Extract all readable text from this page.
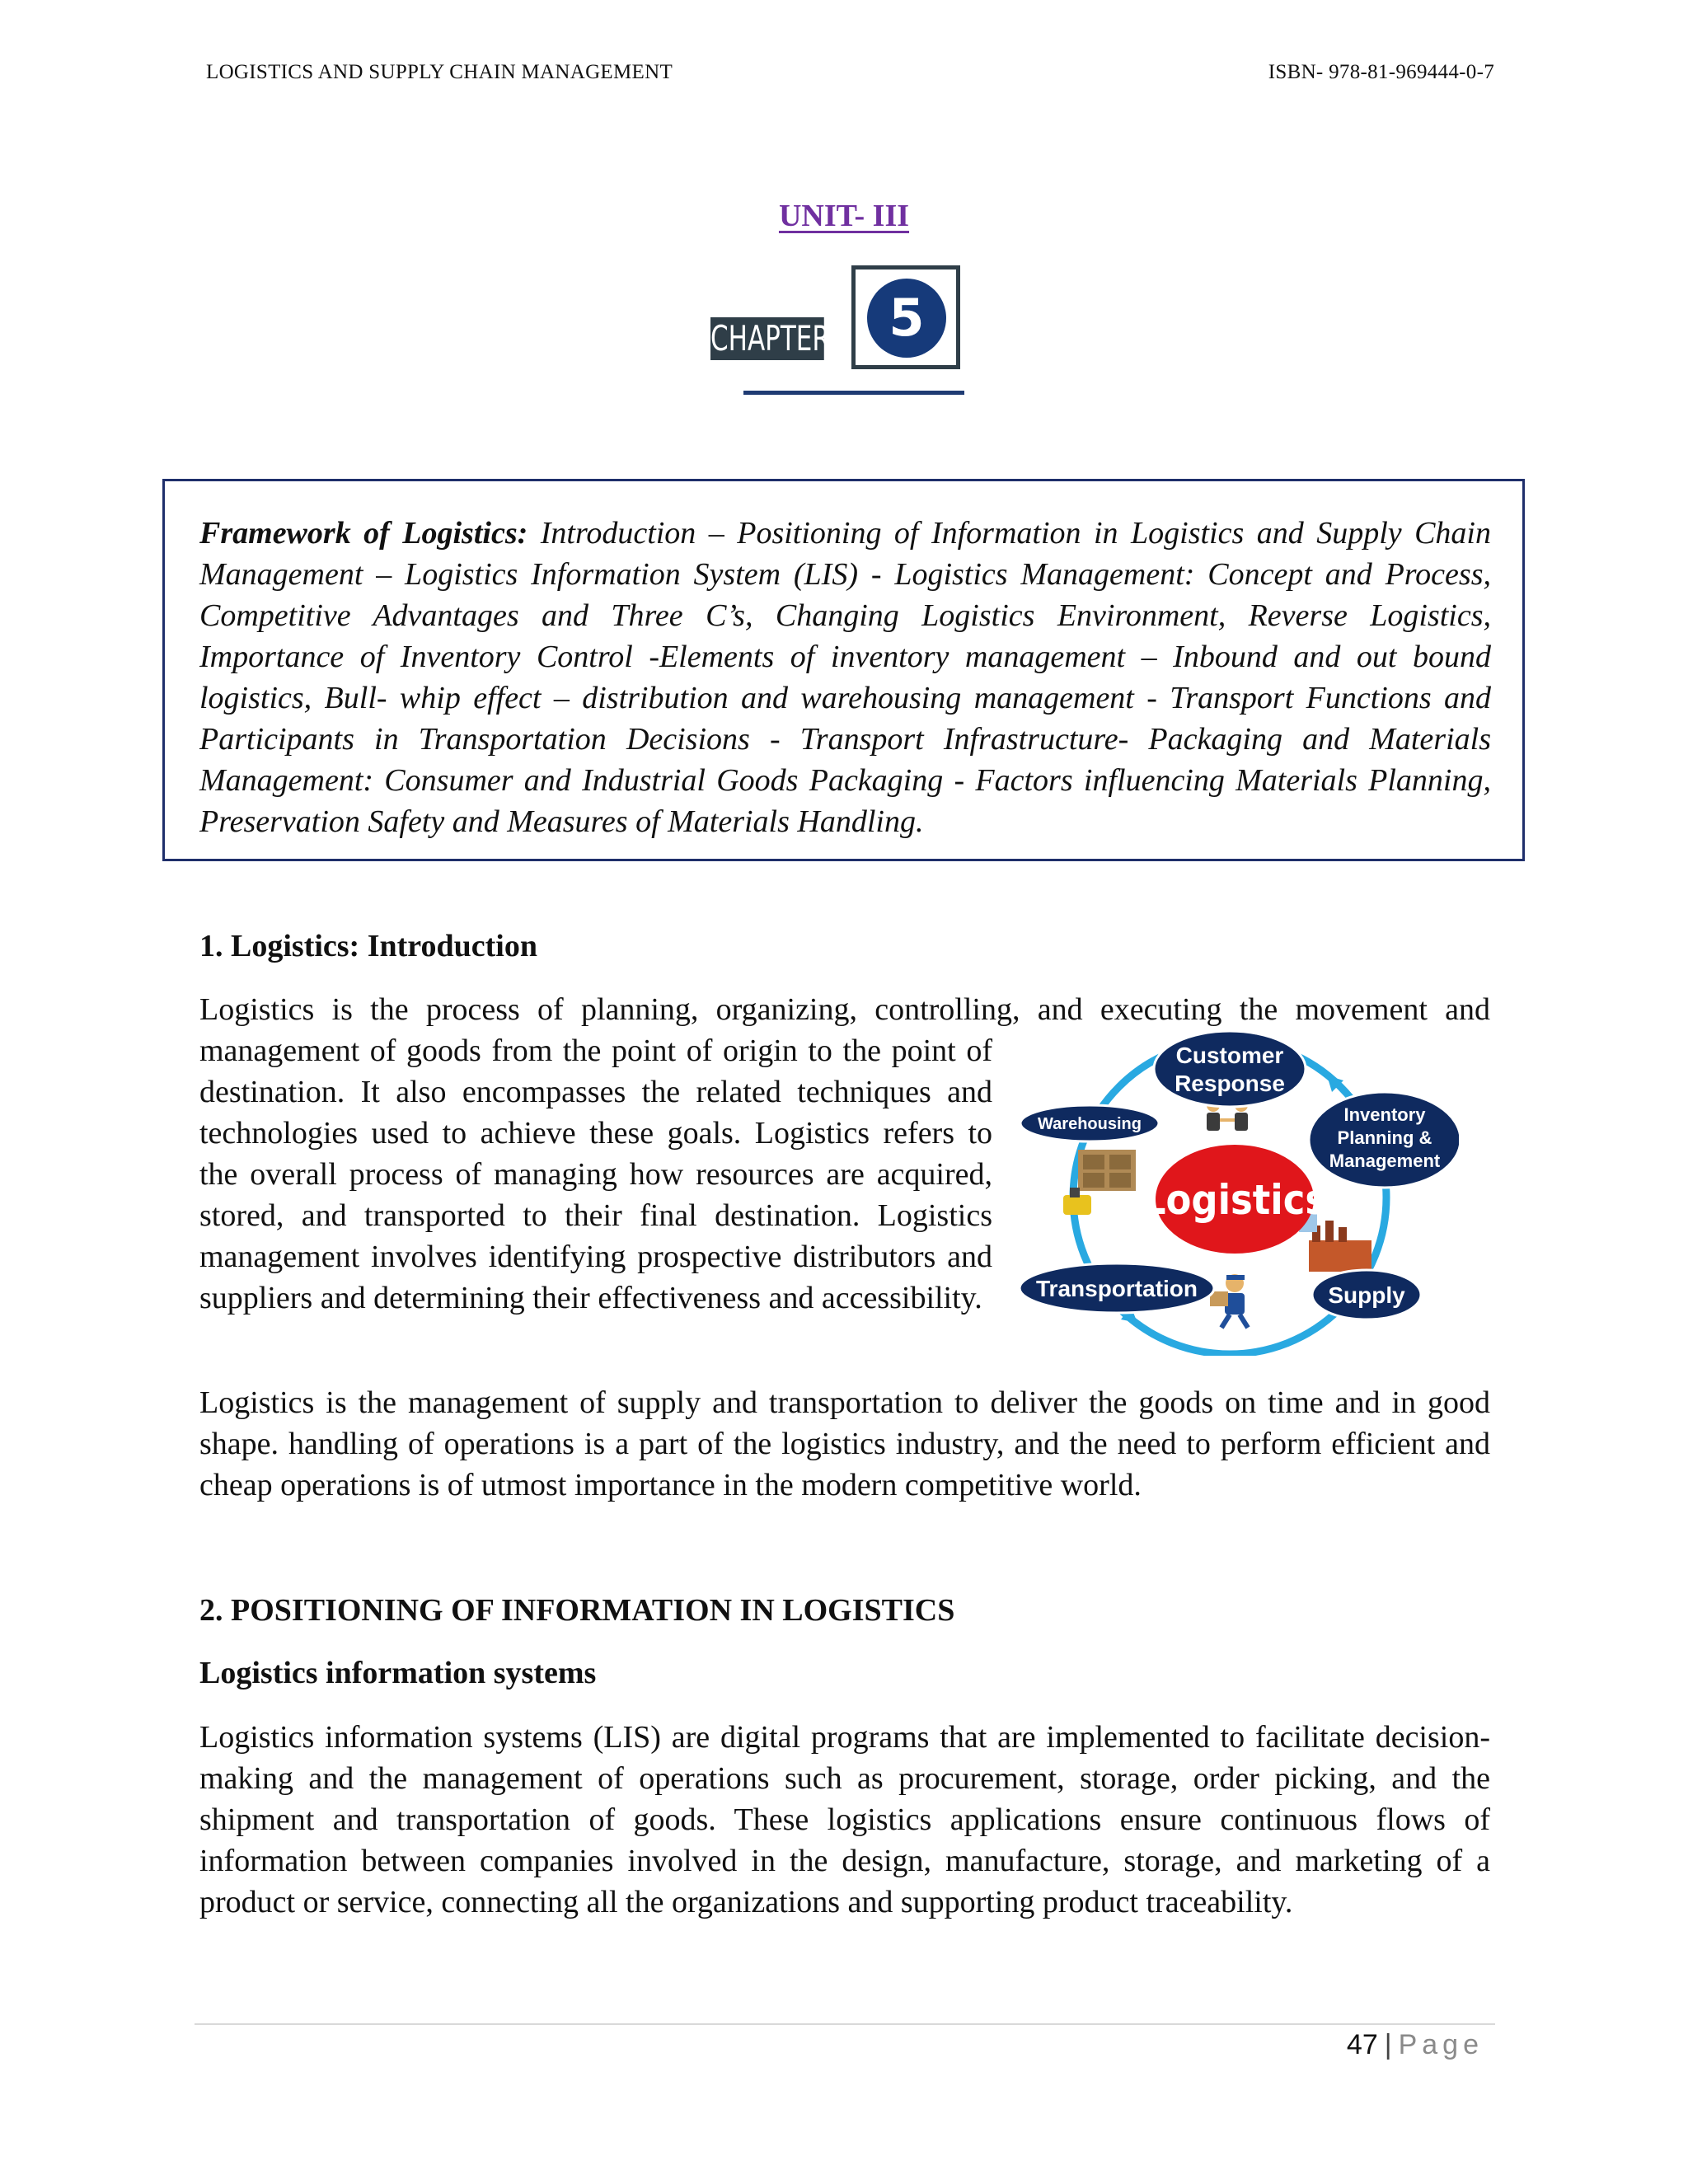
LOGISTICS AND SUPPLY CHAIN MANAGEMENT	ISBN- 978-81-969444-0-7
UNIT- III
CHAPTER	5

Framework of Logistics: Introduction – Positioning of Information in Logistics and Supply Chain Management – Logistics Information System (LIS) - Logistics Management: Concept and Process, Competitive Advantages and Three C’s, Changing Logistics Environment, Reverse Logistics, Importance of Inventory Control -Elements of inventory management – Inbound and out bound logistics, Bull- whip effect – distribution and warehousing management - Transport Functions and Participants in Transportation Decisions - Transport Infrastructure- Packaging and Materials Management: Consumer and Industrial Goods Packaging - Factors influencing Materials Planning, Preservation Safety and Measures of Materials Handling.

1. Logistics: Introduction

Logistics is the process of planning, organizing, controlling, and executing the movement and

management of goods from the point of origin to the point of destination. It also encompasses the related techniques and technologies used to achieve these goals. Logistics refers to the overall process of managing how resources are acquired, stored, and transported to their final destination. Logistics management involves identifying prospective distributors and suppliers and determining their effectiveness and accessibility.

Logistics
Customer
Response
Inventory
Planning &
Management
Warehousing
Transportation	Supply

Logistics is the management of supply and transportation to deliver the goods on time and in good shape. handling of operations is a part of the logistics industry, and the need to perform efficient and cheap operations is of utmost importance in the modern competitive world.

2. POSITIONING OF INFORMATION IN LOGISTICS
Logistics information systems

Logistics information systems (LIS) are digital programs that are implemented to facilitate decision-making and the management of operations such as procurement, storage, order picking, and the shipment and transportation of goods. These logistics applications ensure continuous flows of information between companies involved in the design, manufacture, storage, and marketing of a product or service, connecting all the organizations and supporting product traceability.

47 | Page
